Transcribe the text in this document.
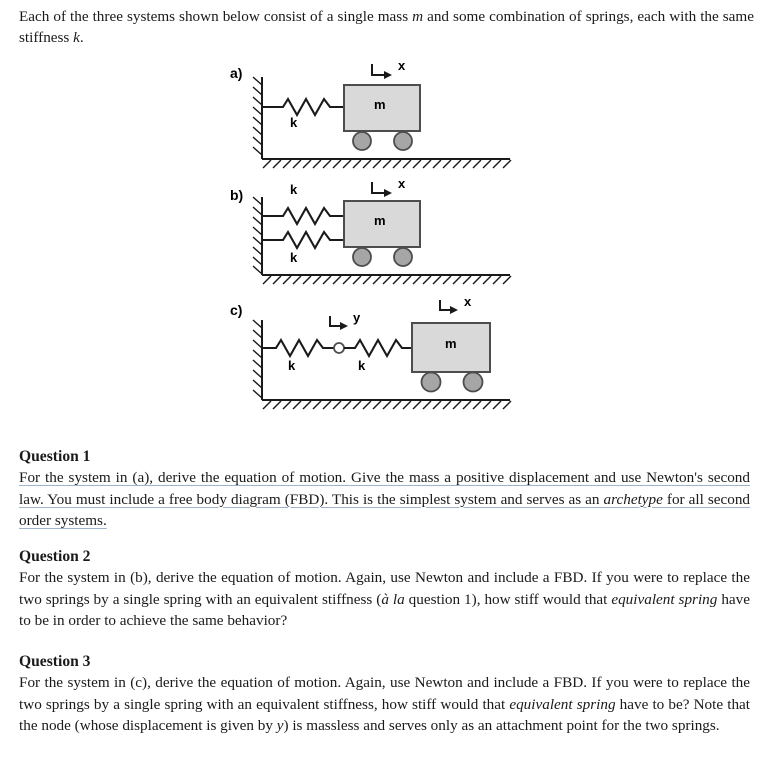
Each of the three systems shown below consist of a single mass m and some combination of springs, each with the same stiffness k.
a)	x
k
m
b)
x
k
k
m
c)	y
x
k	k
m
Question 1
For the system in (a), derive the equation of motion. Give the mass a positive displacement and use Newton's second law. You must include a free body diagram (FBD). This is the simplest system and serves as an archetype for all second order systems.
Question 2
For the system in (b), derive the equation of motion. Again, use Newton and include a FBD. If you were to replace the two springs by a single spring with an equivalent stiffness (à la question 1), how stiff would that equivalent spring have to be in order to achieve the same behavior?
Question 3
For the system in (c), derive the equation of motion. Again, use Newton and include a FBD. If you were to replace the two springs by a single spring with an equivalent stiffness, how stiff would that equivalent spring have to be? Note that the node (whose displacement is given by y) is massless and serves only as an attachment point for the two springs.
